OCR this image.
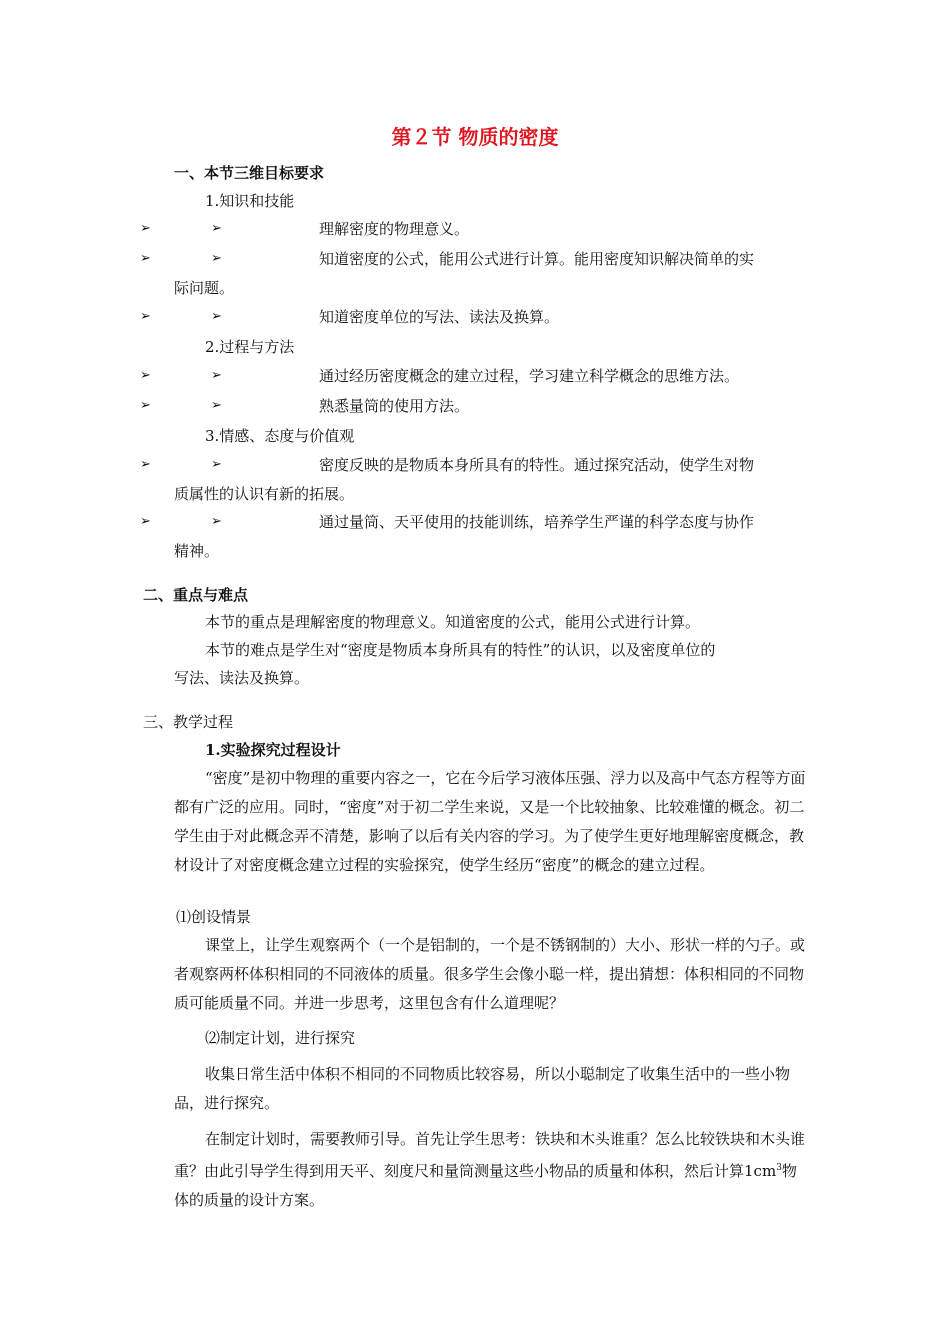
第２节 物质的密度
一、本节三维目标要求
1.知识和技能
➢	➢	理解密度的物理意义。
➢	➢	知道密度的公式，能用公式进行计算。能用密度知识解决简单的实
际问题。
➢	➢	知道密度单位的写法、读法及换算。
2.过程与方法
➢	➢	通过经历密度概念的建立过程，学习建立科学概念的思维方法。
➢	➢	熟悉量筒的使用方法。
3.情感、态度与价值观
➢	➢	密度反映的是物质本身所具有的特性。通过探究活动，使学生对物
质属性的认识有新的拓展。
➢	➢	通过量筒、天平使用的技能训练，培养学生严谨的科学态度与协作
精神。
二、重点与难点
本节的重点是理解密度的物理意义。知道密度的公式，能用公式进行计算。
本节的难点是学生对“密度是物质本身所具有的特性”的认识，以及密度单位的
写法、读法及换算。
三、教学过程
1.实验探究过程设计
“密度”是初中物理的重要内容之一，它在今后学习液体压强、浮力以及高中气态方程等方面都有广泛的应用。同时，“密度”对于初二学生来说，又是一个比较抽象、比较难懂的概念。初二学生由于对此概念弄不清楚，影响了以后有关内容的学习。为了使学生更好地理解密度概念，教材设计了对密度概念建立过程的实验探究，使学生经历“密度”的概念的建立过程。
⑴创设情景
课堂上，让学生观察两个（一个是铝制的，一个是不锈钢制的）大小、形状一样的勺子。或者观察两杯体积相同的不同液体的质量。很多学生会像小聪一样，提出猜想：体积相同的不同物质可能质量不同。并进一步思考，这里包含有什么道理呢？
⑵制定计划，进行探究
收集日常生活中体积不相同的不同物质比较容易，所以小聪制定了收集生活中的一些小物品，进行探究。
在制定计划时，需要教师引导。首先让学生思考：铁块和木头谁重？怎么比较铁块和木头谁重？由此引导学生得到用天平、刻度尺和量筒测量这些小物品的质量和体积，然后计算$1cm^3$物体的质量的设计方案。
